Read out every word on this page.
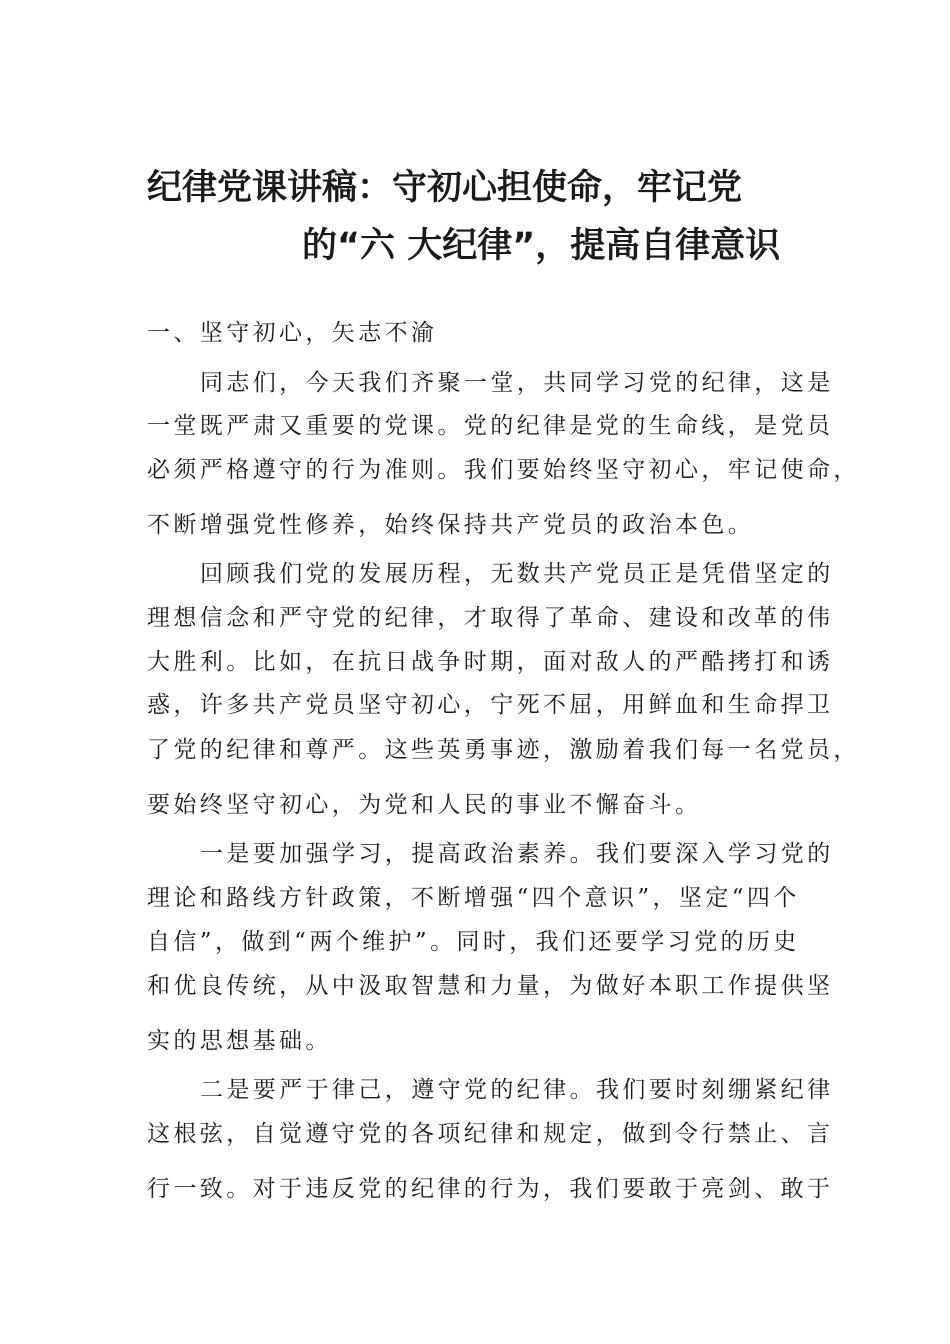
纪律党课讲稿：守初心担使命，牢记党
的“六 大纪律”，提高自律意识
一、坚守初心，矢志不渝
同志们，今天我们齐聚一堂，共同学习党的纪律，这是
一堂既严肃又重要的党课。党的纪律是党的生命线，是党员
必须严格遵守的行为准则。我们要始终坚守初心，牢记使命，
不断增强党性修养，始终保持共产党员的政治本色。
回顾我们党的发展历程，无数共产党员正是凭借坚定的
理想信念和严守党的纪律，才取得了革命、建设和改革的伟
大胜利。比如，在抗日战争时期，面对敌人的严酷拷打和诱
惑，许多共产党员坚守初心，宁死不屈，用鲜血和生命捍卫
了党的纪律和尊严。这些英勇事迹，激励着我们每一名党员，
要始终坚守初心，为党和人民的事业不懈奋斗。
一是要加强学习，提高政治素养。我们要深入学习党的
理论和路线方针政策，不断增强“四个意识”，坚定“四个
自信”，做到“两个维护”。同时，我们还要学习党的历史
和优良传统，从中汲取智慧和力量，为做好本职工作提供坚
实的思想基础。
二是要严于律己，遵守党的纪律。我们要时刻绷紧纪律
这根弦，自觉遵守党的各项纪律和规定，做到令行禁止、言
行一致。对于违反党的纪律的行为，我们要敢于亮剑、敢于
